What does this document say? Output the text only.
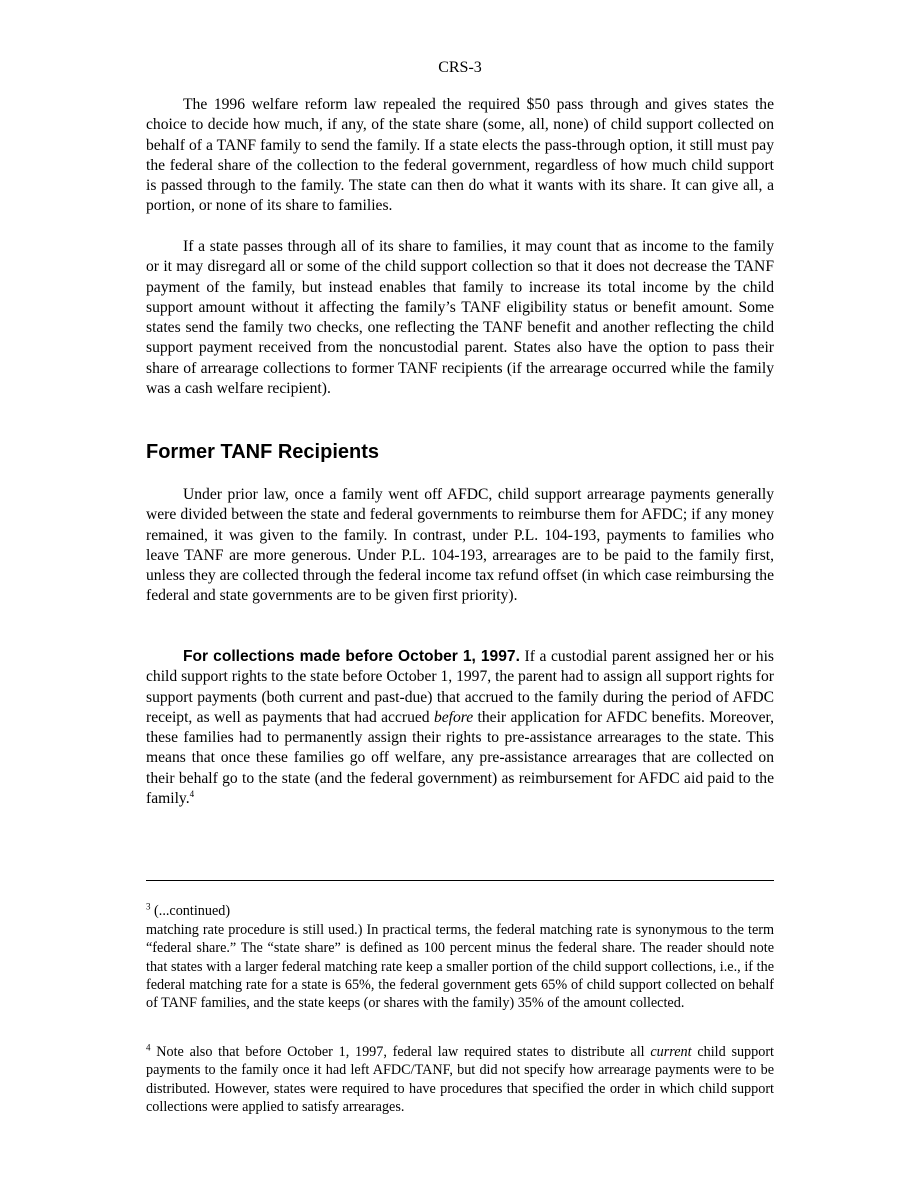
CRS-3

The 1996 welfare reform law repealed the required $50 pass through and gives states the choice to decide how much, if any, of the state share (some, all, none) of child support collected on behalf of a TANF family to send the family. If a state elects the pass-through option, it still must pay the federal share of the collection to the federal government, regardless of how much child support is passed through to the family. The state can then do what it wants with its share. It can give all, a portion, or none of its share to families.

If a state passes through all of its share to families, it may count that as income to the family or it may disregard all or some of the child support collection so that it does not decrease the TANF payment of the family, but instead enables that family to increase its total income by the child support amount without it affecting the family’s TANF eligibility status or benefit amount. Some states send the family two checks, one reflecting the TANF benefit and another reflecting the child support payment received from the noncustodial parent. States also have the option to pass their share of arrearage collections to former TANF recipients (if the arrearage occurred while the family was a cash welfare recipient).

Former TANF Recipients

Under prior law, once a family went off AFDC, child support arrearage payments generally were divided between the state and federal governments to reimburse them for AFDC; if any money remained, it was given to the family. In contrast, under P.L. 104-193, payments to families who leave TANF are more generous. Under P.L. 104-193, arrearages are to be paid to the family first, unless they are collected through the federal income tax refund offset (in which case reimbursing the federal and state governments are to be given first priority).

For collections made before October 1, 1997. If a custodial parent assigned her or his child support rights to the state before October 1, 1997, the parent had to assign all support rights for support payments (both current and past-due) that accrued to the family during the period of AFDC receipt, as well as payments that had accrued before their application for AFDC benefits. Moreover, these families had to permanently assign their rights to pre-assistance arrearages to the state. This means that once these families go off welfare, any pre-assistance arrearages that are collected on their behalf go to the state (and the federal government) as reimbursement for AFDC aid paid to the family.$^4$

$^3$ (...continued)

matching rate procedure is still used.) In practical terms, the federal matching rate is synonymous to the term “federal share.” The “state share” is defined as 100 percent minus the federal share. The reader should note that states with a larger federal matching rate keep a smaller portion of the child support collections, i.e., if the federal matching rate for a state is 65%, the federal government gets 65% of child support collected on behalf of TANF families, and the state keeps (or shares with the family) 35% of the amount collected.

$^4$ Note also that before October 1, 1997, federal law required states to distribute all current child support payments to the family once it had left AFDC/TANF, but did not specify how arrearage payments were to be distributed. However, states were required to have procedures that specified the order in which child support collections were applied to satisfy arrearages.
